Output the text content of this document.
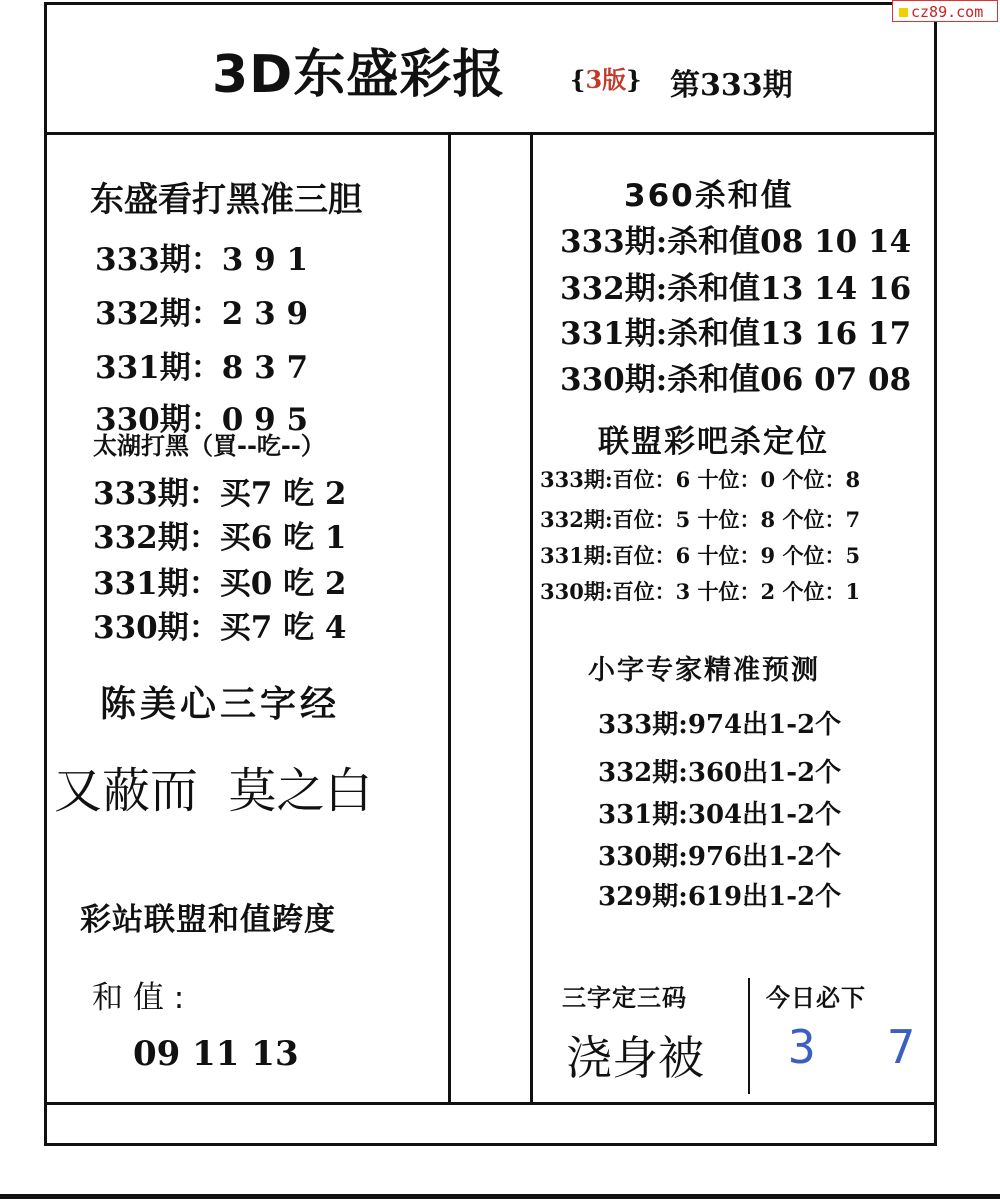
cz89.com
3D东盛彩报	{3版} 第333期
东盛看打黑准三胆
333期：3 9 1
332期：2 3 9
331期：8 3 7
330期：0 9 5
太湖打黑（買--吃--）
333期：买7 吃 2
332期：买6 吃 1
331期：买0 吃 2
330期：买7 吃 4
陈美心三字经
又蔽而  莫之白
彩站联盟和值跨度
和 值 :
09 11 13
360杀和值
333期:杀和值08 10 14
332期:杀和值13 14 16
331期:杀和值13 16 17
330期:杀和值06 07 08
联盟彩吧杀定位
333期:百位：6 十位：0 个位：8
332期:百位：5 十位：8 个位：7
331期:百位：6 十位：9 个位：5
330期:百位：3 十位：2 个位：1
小字专家精准预测
333期:974出1-2个
332期:360出1-2个
331期:304出1-2个
330期:976出1-2个
329期:619出1-2个
三字定三码
浇身被
今日必下
3 7
